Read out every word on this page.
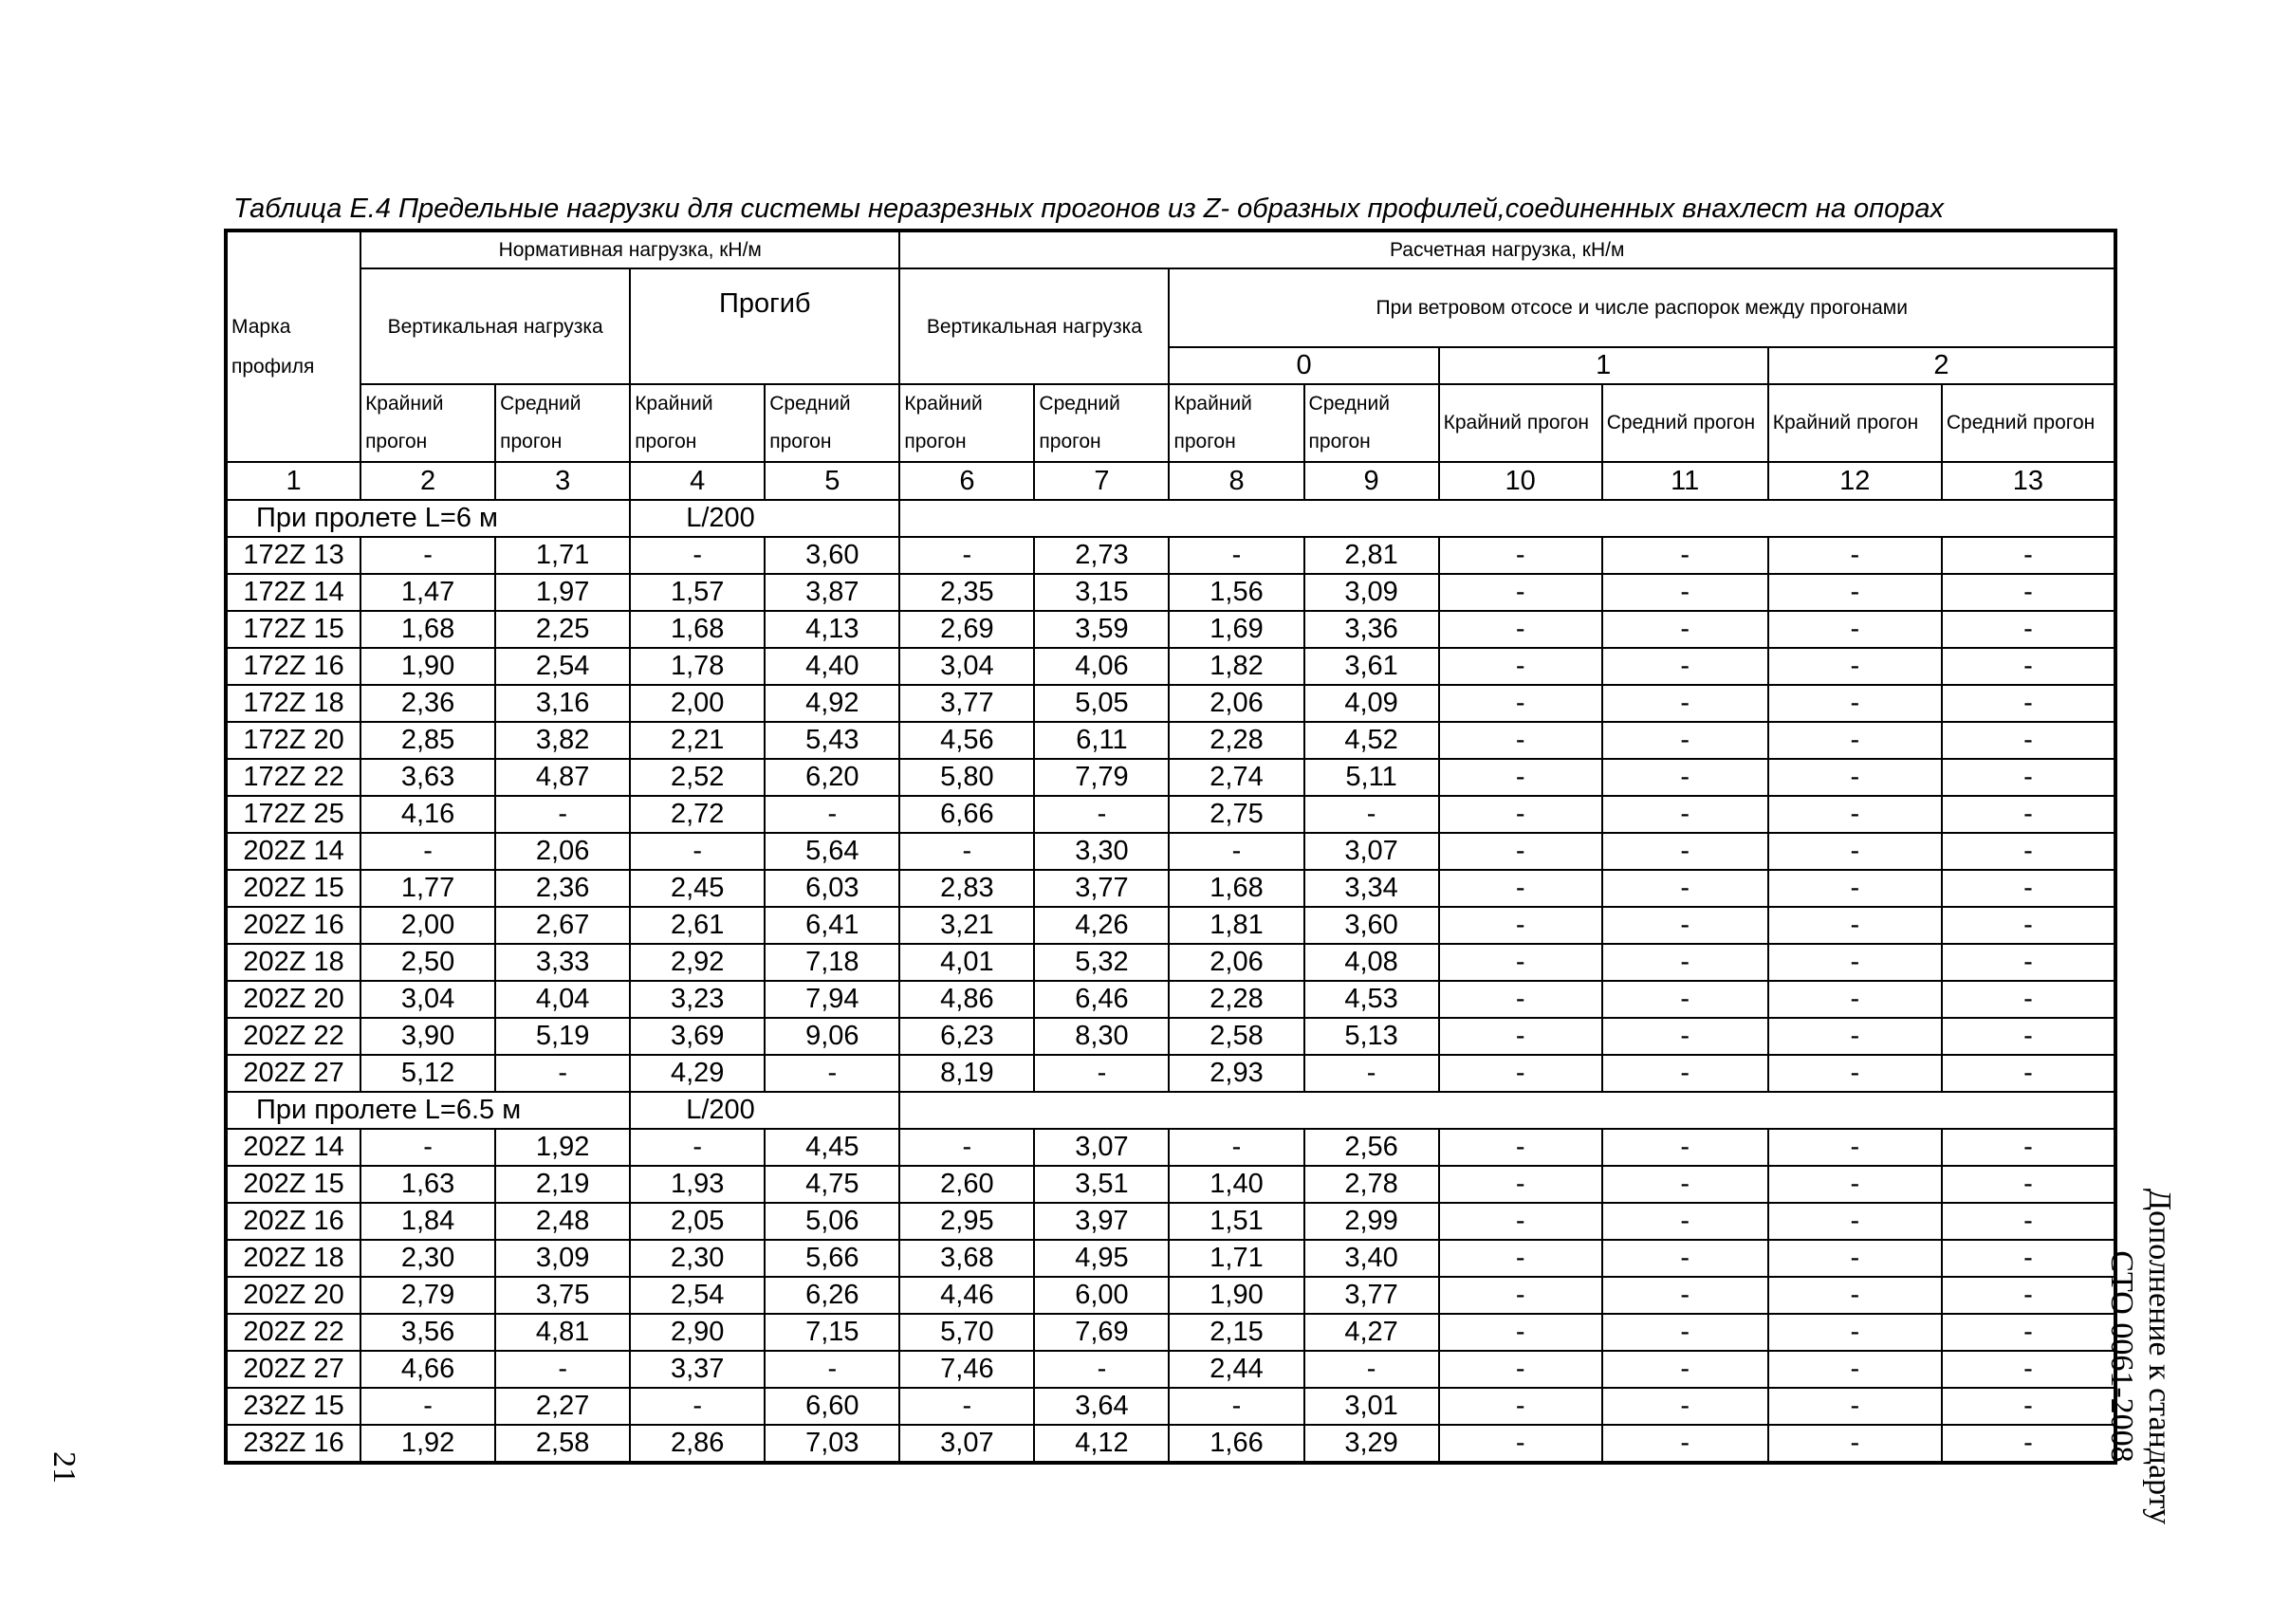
Таблица Е.4 Предельные нагрузки для системы неразрезных прогонов из Z- образных профилей,соединенных внахлест на опорах
Марка профиля	Нормативная нагрузка, кН/м				Расчетная нагрузка, кН/м							
	Вертикальная нагрузка		Прогиб		Вертикальная нагрузка		При ветровом отсосе и числе распорок между прогонами					
							0		1		2	
	Крайний прогон	Средний прогон	Крайний прогон	Средний прогон	Крайний прогон	Средний прогон	Крайний прогон	Средний прогон	Крайний прогон	Средний прогон	Крайний прогон	Средний прогон
1	2	3	4	5	6	7	8	9	10	11	12	13
При пролете L=6 м			L/200									
172Z 13	-	1,71	-	3,60	-	2,73	-	2,81	-	-	-	-
172Z 14	1,47	1,97	1,57	3,87	2,35	3,15	1,56	3,09	-	-	-	-
172Z 15	1,68	2,25	1,68	4,13	2,69	3,59	1,69	3,36	-	-	-	-
172Z 16	1,90	2,54	1,78	4,40	3,04	4,06	1,82	3,61	-	-	-	-
172Z 18	2,36	3,16	2,00	4,92	3,77	5,05	2,06	4,09	-	-	-	-
172Z 20	2,85	3,82	2,21	5,43	4,56	6,11	2,28	4,52	-	-	-	-
172Z 22	3,63	4,87	2,52	6,20	5,80	7,79	2,74	5,11	-	-	-	-
172Z 25	4,16	-	2,72	-	6,66	-	2,75	-	-	-	-	-
202Z 14	-	2,06	-	5,64	-	3,30	-	3,07	-	-	-	-
202Z 15	1,77	2,36	2,45	6,03	2,83	3,77	1,68	3,34	-	-	-	-
202Z 16	2,00	2,67	2,61	6,41	3,21	4,26	1,81	3,60	-	-	-	-
202Z 18	2,50	3,33	2,92	7,18	4,01	5,32	2,06	4,08	-	-	-	-
202Z 20	3,04	4,04	3,23	7,94	4,86	6,46	2,28	4,53	-	-	-	-
202Z 22	3,90	5,19	3,69	9,06	6,23	8,30	2,58	5,13	-	-	-	-
202Z 27	5,12	-	4,29	-	8,19	-	2,93	-	-	-	-	-
При пролете L=6.5 м			L/200									
202Z 14	-	1,92	-	4,45	-	3,07	-	2,56	-	-	-	-
202Z 15	1,63	2,19	1,93	4,75	2,60	3,51	1,40	2,78	-	-	-	-
202Z 16	1,84	2,48	2,05	5,06	2,95	3,97	1,51	2,99	-	-	-	-
202Z 18	2,30	3,09	2,30	5,66	3,68	4,95	1,71	3,40	-	-	-	-
202Z 20	2,79	3,75	2,54	6,26	4,46	6,00	1,90	3,77	-	-	-	-
202Z 22	3,56	4,81	2,90	7,15	5,70	7,69	2,15	4,27	-	-	-	-
202Z 27	4,66	-	3,37	-	7,46	-	2,44	-	-	-	-	-
232Z 15	-	2,27	-	6,60	-	3,64	-	3,01	-	-	-	-
232Z 16	1,92	2,58	2,86	7,03	3,07	4,12	1,66	3,29	-	-	-	-	Дополнение к стандарту
СТО 0061-2008
21
